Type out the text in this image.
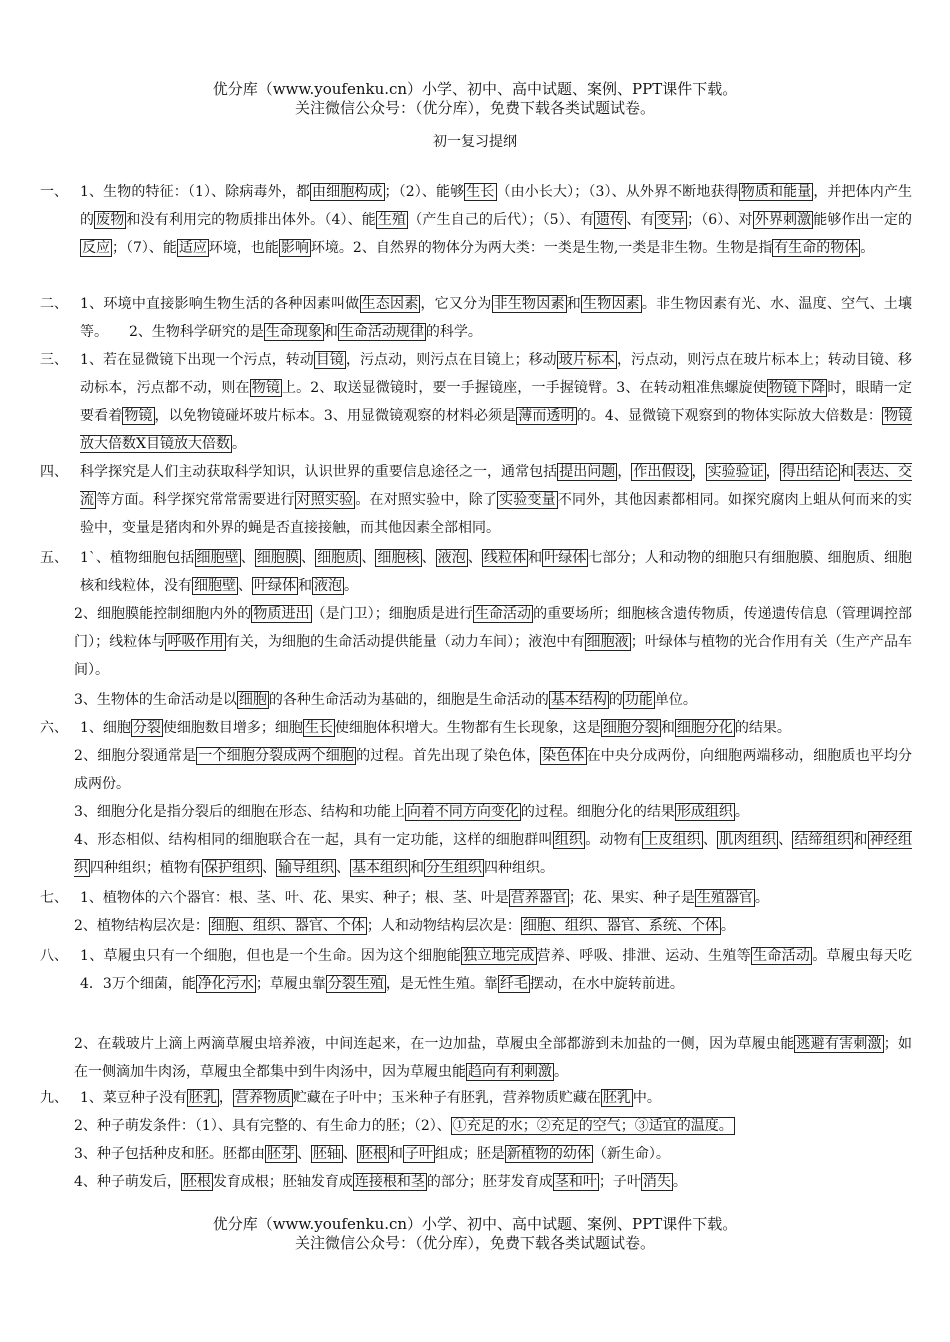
优分库（www.youfenku.cn）小学、初中、高中试题、案例、PPT课件下载。
关注微信公众号：（优分库），免费下载各类试题试卷。
初一复习提纲
一、 1、生物的特征：（1）、除病毒外，都 由细胞构成 ；（2）、能够 生长 （由小长大）；（3）、从外界不断地获得 物质和能量 ，并把体内产生的 废物 和没有利用完的物质排出体外。（4）、能 生殖 （产生自己的后代）；（5）、有 遗传 、有 变异 ；（6）、对 外界刺激 能够作出一定的反应 ；（7）、能 适应 环境，也能 影响 环境。2、自然界的物体分为两大类：一类是生物,一类是非生物。生物是指 有生命的物体 。
二、 1、环境中直接影响生物生活的各种因素叫做 生态因素 ，它又分为 非生物因素 和 生物因素 。非生物因素有光、水、温度、空气、土壤等。　　2、生物科学研究的是 生命现象 和 生命活动规律 的科学。
三、 1、若在显微镜下出现一个污点，转动 目镜 ，污点动，则污点在目镜上；移动 玻片标本 ，污点动，则污点在玻片标本上；转动目镜、移动标本，污点都不动，则在 物镜 上。2、取送显微镜时，要一手握镜座，一手握镜臂。3、在转动粗准焦螺旋使 物镜下降 时，眼睛一定要看着 物镜 ，以免物镜碰坏玻片标本。3、用显微镜观察的材料必须是 薄而透明 的。4、显微镜下观察到的物体实际放大倍数是： 物镜放大倍数X目镜放大倍数 。
四、 科学探究是人们主动获取科学知识，认识世界的重要信息途径之一，通常包括 提出问题 ， 作出假设 ， 实验验证 ， 得出结论 和 表达、交流 等方面。科学探究常常需要进行 对照实验 。在对照实验中，除了 实验变量 不同外，其他因素都相同。如探究腐肉上蛆从何而来的实验中，变量是猪肉和外界的蝇是否直接接触，而其他因素全部相同。
五、 1`、植物细胞包括 细胞壁 、 细胞膜 、 细胞质 、 细胞核 、 液泡 、 线粒体 和 叶绿体 七部分；人和动物的细胞只有细胞膜、细胞质、细胞核和线粒体，没有 细胞壁 、 叶绿体 和 液泡 。
2、细胞膜能控制细胞内外的 物质进出 （是门卫）；细胞质是进行 生命活动 的重要场所；细胞核含遗传物质，传递遗传信息（管理调控部门）；线粒体与 呼吸作用 有关，为细胞的生命活动提供能量（动力车间）；液泡中有 细胞液 ；叶绿体与植物的光合作用有关（生产产品车间）。
3、生物体的生命活动是以 细胞 的各种生命活动为基础的，细胞是生命活动的 基本结构 的 功能 单位。
六、 1、细胞 分裂 使细胞数目增多；细胞 生长 使细胞体积增大。生物都有生长现象，这是 细胞分裂 和 细胞分化 的结果。
2、细胞分裂通常是 一个细胞分裂成两个细胞 的过程。首先出现了染色体， 染色体 在中央分成两份，向细胞两端移动，细胞质也平均分成两份。
3、细胞分化是指分裂后的细胞在形态、结构和功能上 向着不同方向变化 的过程。细胞分化的结果 形成组织 。
4、形态相似、结构相同的细胞联合在一起，具有一定功能，这样的细胞群叫 组织 。动物有 上皮组织 、 肌肉组织 、 结缔组织 和 神经组织 四种组织；植物有 保护组织 、 输导组织 、 基本组织 和 分生组织 四种组织。
七、 1、植物体的六个器官：根、茎、叶、花、果实、种子；根、茎、叶是 营养器官 ；花、果实、种子是 生殖器官 。
2、植物结构层次是： 细胞、组织、器官、个体 ；人和动物结构层次是： 细胞、组织、器官、系统、个体 。
八、 1、草履虫只有一个细胞，但也是一个生命。因为这个细胞能 独立地完成 营养、呼吸、排泄、运动、生殖等 生命活动 。草履虫每天吃4．3万个细菌，能 净化污水 ；草履虫靠 分裂生殖 ，是无性生殖。靠 纤毛 摆动，在水中旋转前进。
2、在载玻片上滴上两滴草履虫培养液，中间连起来，在一边加盐，草履虫全部都游到未加盐的一侧，因为草履虫能 逃避有害刺激 ；如在一侧滴加牛肉汤，草履虫全都集中到牛肉汤中，因为草履虫能 趋向有利刺激 。
九、 1、菜豆种子没有 胚乳 ， 营养物质 贮藏在子叶中；玉米种子有胚乳，营养物质贮藏在 胚乳 中。
2、种子萌发条件：（1）、具有完整的、有生命力的胚；（2）、 ①充足的水；②充足的空气；③适宜的温度。
3、种子包括种皮和胚。胚都由 胚芽 、 胚轴 、 胚根 和 子叶 组成；胚是 新植物的幼体 （新生命）。
4、种子萌发后， 胚根 发育成根；胚轴发育成 连接根和茎 的部分；胚芽发育成 茎和叶 ；子叶 消失 。
优分库（www.youfenku.cn）小学、初中、高中试题、案例、PPT课件下载。
关注微信公众号：（优分库），免费下载各类试题试卷。
